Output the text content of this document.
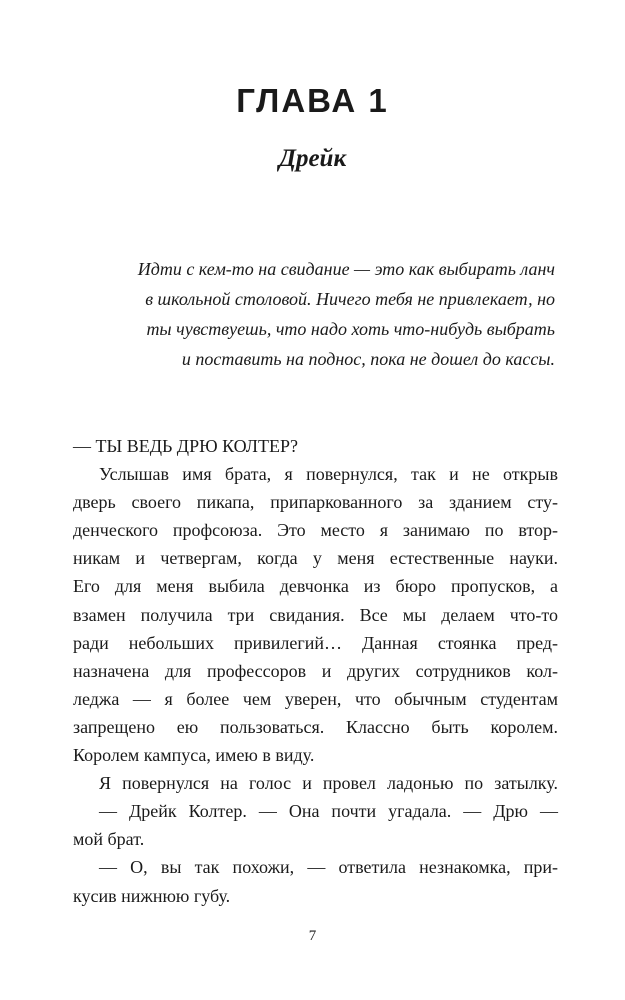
ГЛАВА 1
Дрейк
Идти с кем-то на свидание — это как выбирать ланч
в школьной столовой. Ничего тебя не привлекает, но
ты чувствуешь, что надо хоть что-нибудь выбрать
и поставить на поднос, пока не дошел до кассы.
— ТЫ ВЕДЬ ДРЮ КОЛТЕР?
Услышав имя брата, я повернулся, так и не открыв
дверь своего пикапа, припаркованного за зданием сту-
денческого профсоюза. Это место я занимаю по втор-
никам и четвергам, когда у меня естественные науки.
Его для меня выбила девчонка из бюро пропусков, а
взамен получила три свидания. Все мы делаем что-то
ради небольших привилегий… Данная стоянка пред-
назначена для профессоров и других сотрудников кол-
леджа — я более чем уверен, что обычным студентам
запрещено ею пользоваться. Классно быть королем.
Королем кампуса, имею в виду.
Я повернулся на голос и провел ладонью по затылку.
— Дрейк Колтер. — Она почти угадала. — Дрю —
мой брат.
— О, вы так похожи, — ответила незнакомка, при-
кусив нижнюю губу.
7
